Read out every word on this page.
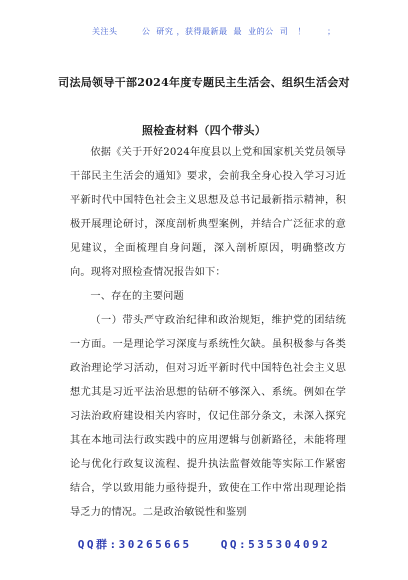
关注头        公  研究 ，获得最新最  最  业的公  司   ！       ；
司法局领导干部2024年度专题民主生活会、组织生活会对
照检查材料（四个带头）
依据《关于开好2024年度县以上党和国家机关党员领导干部民主生活会的通知》要求，会前我全身心投入学习习近平新时代中国特色社会主义思想及总书记最新指示精神，积极开展理论研讨，深度剖析典型案例，并结合广泛征求的意见建议，全面梳理自身问题，深入剖析原因，明确整改方向。现将对照检查情况报告如下：
一、存在的主要问题
（一）带头严守政治纪律和政治规矩，维护党的团结统一方面。一是理论学习深度与系统性欠缺。虽积极参与各类政治理论学习活动，但对习近平新时代中国特色社会主义思想尤其是习近平法治思想的钻研不够深入、系统。例如在学习法治政府建设相关内容时，仅记住部分条文，未深入探究其在本地司法行政实践中的应用逻辑与创新路径，未能将理论与优化行政复议流程、提升执法监督效能等实际工作紧密结合，学以致用能力亟待提升，致使在工作中常出现理论指导乏力的情况。二是政治敏锐性和鉴别
QQ群:30265665	QQ:535304092
